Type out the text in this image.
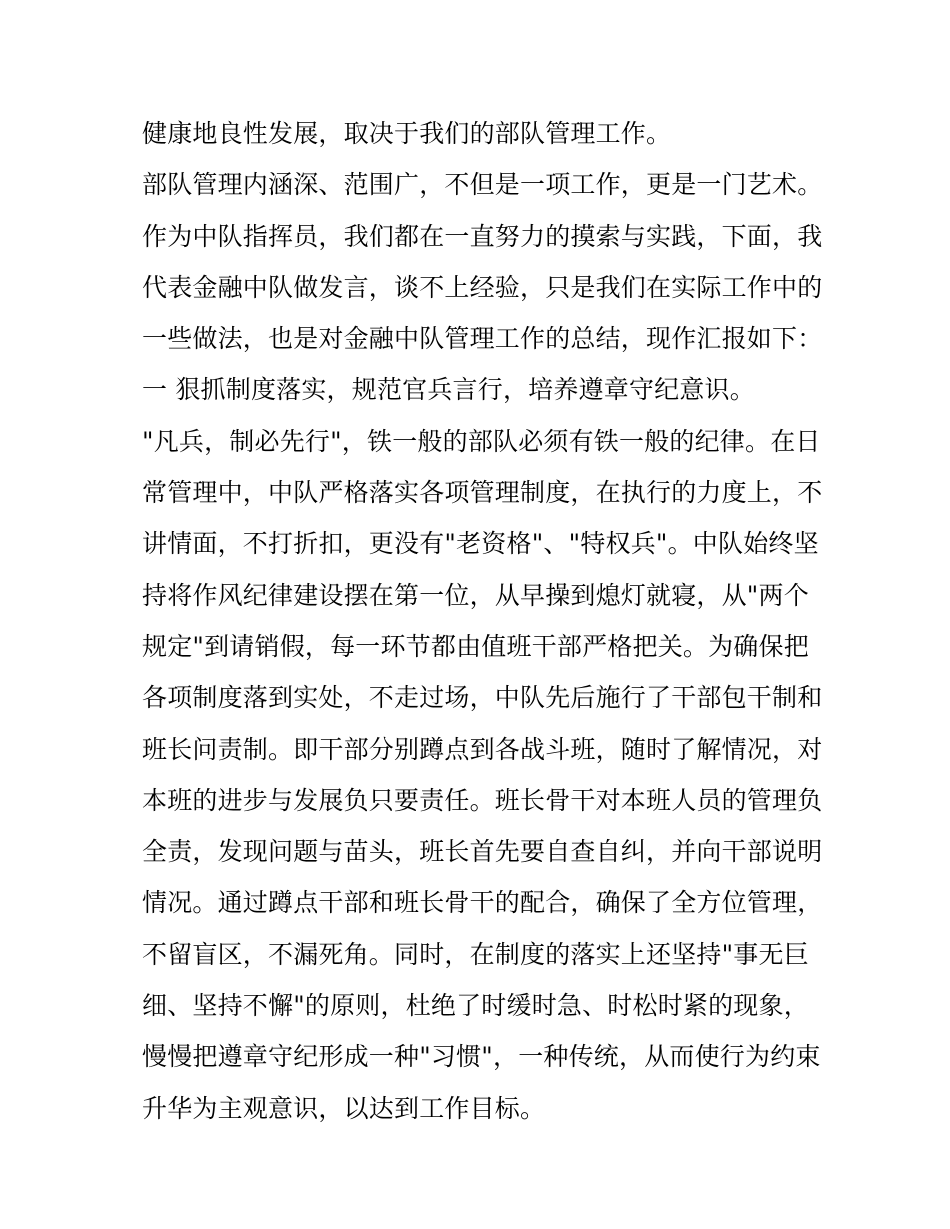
健康地良性发展，取决于我们的部队管理工作。
部队管理内涵深、范围广，不但是一项工作，更是一门艺术。
作为中队指挥员，我们都在一直努力的摸索与实践，下面，我
代表金融中队做发言，谈不上经验，只是我们在实际工作中的
一些做法，也是对金融中队管理工作的总结，现作汇报如下：
一 狠抓制度落实，规范官兵言行，培养遵章守纪意识。
"凡兵，制必先行"，铁一般的部队必须有铁一般的纪律。在日
常管理中，中队严格落实各项管理制度，在执行的力度上，不
讲情面，不打折扣，更没有"老资格"、"特权兵"。中队始终坚
持将作风纪律建设摆在第一位，从早操到熄灯就寝，从"两个
规定"到请销假，每一环节都由值班干部严格把关。为确保把
各项制度落到实处，不走过场，中队先后施行了干部包干制和
班长问责制。即干部分别蹲点到各战斗班，随时了解情况，对
本班的进步与发展负只要责任。班长骨干对本班人员的管理负
全责，发现问题与苗头，班长首先要自查自纠，并向干部说明
情况。通过蹲点干部和班长骨干的配合，确保了全方位管理，
不留盲区，不漏死角。同时，在制度的落实上还坚持"事无巨
细、坚持不懈"的原则，杜绝了时缓时急、时松时紧的现象，
慢慢把遵章守纪形成一种"习惯"，一种传统，从而使行为约束
升华为主观意识，以达到工作目标。
